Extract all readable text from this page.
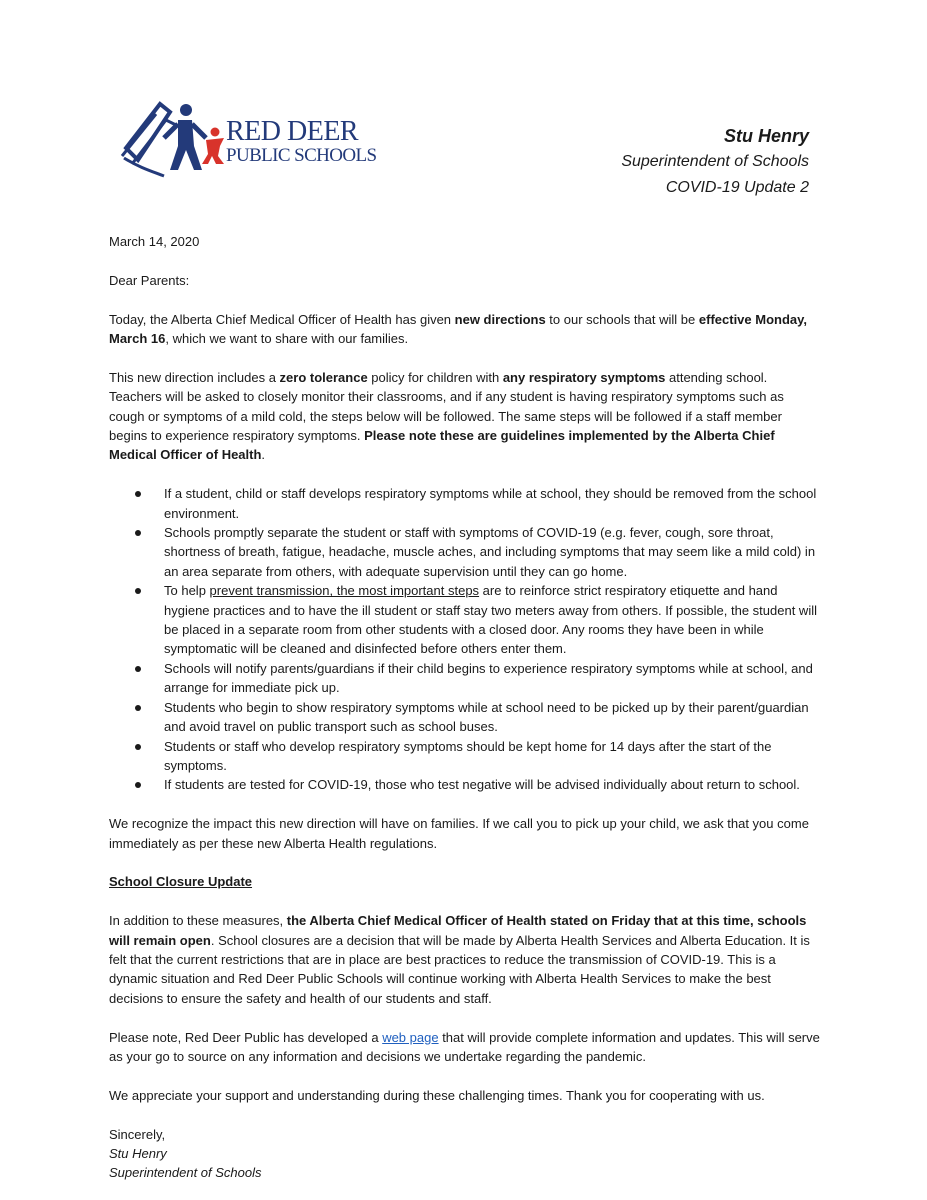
RED DEER
PUBLIC SCHOOLS
Stu Henry
Superintendent of Schools
COVID-19 Update 2

March 14, 2020

Dear Parents:

Today, the Alberta Chief Medical Officer of Health has given new directions to our schools that will be effective Monday, March 16, which we want to share with our families.

This new direction includes a zero tolerance policy for children with any respiratory symptoms attending school. Teachers will be asked to closely monitor their classrooms, and if any student is having respiratory symptoms such as cough or symptoms of a mild cold, the steps below will be followed. The same steps will be followed if a staff member begins to experience respiratory symptoms. Please note these are guidelines implemented by the Alberta Chief Medical Officer of Health.

If a student, child or staff develops respiratory symptoms while at school, they should be removed from the school environment.
Schools promptly separate the student or staff with symptoms of COVID-19 (e.g. fever, cough, sore throat, shortness of breath, fatigue, headache, muscle aches, and including symptoms that may seem like a mild cold) in an area separate from others, with adequate supervision until they can go home.
To help prevent transmission, the most important steps are to reinforce strict respiratory etiquette and hand hygiene practices and to have the ill student or staff stay two meters away from others. If possible, the student will be placed in a separate room from other students with a closed door. Any rooms they have been in while symptomatic will be cleaned and disinfected before others enter them.
Schools will notify parents/guardians if their child begins to experience respiratory symptoms while at school, and arrange for immediate pick up.
Students who begin to show respiratory symptoms while at school need to be picked up by their parent/guardian and avoid travel on public transport such as school buses.
Students or staff who develop respiratory symptoms should be kept home for 14 days after the start of the symptoms.
If students are tested for COVID-19, those who test negative will be advised individually about return to school.

We recognize the impact this new direction will have on families. If we call you to pick up your child, we ask that you come immediately as per these new Alberta Health regulations.

School Closure Update

In addition to these measures, the Alberta Chief Medical Officer of Health stated on Friday that at this time, schools will remain open. School closures are a decision that will be made by Alberta Health Services and Alberta Education. It is felt that the current restrictions that are in place are best practices to reduce the transmission of COVID-19. This is a dynamic situation and Red Deer Public Schools will continue working with Alberta Health Services to make the best decisions to ensure the safety and health of our students and staff.

Please note, Red Deer Public has developed a web page that will provide complete information and updates. This will serve as your go to source on any information and decisions we undertake regarding the pandemic.

We appreciate your support and understanding during these challenging times. Thank you for cooperating with us.

Sincerely,

Stu Henry

Superintendent of Schools
